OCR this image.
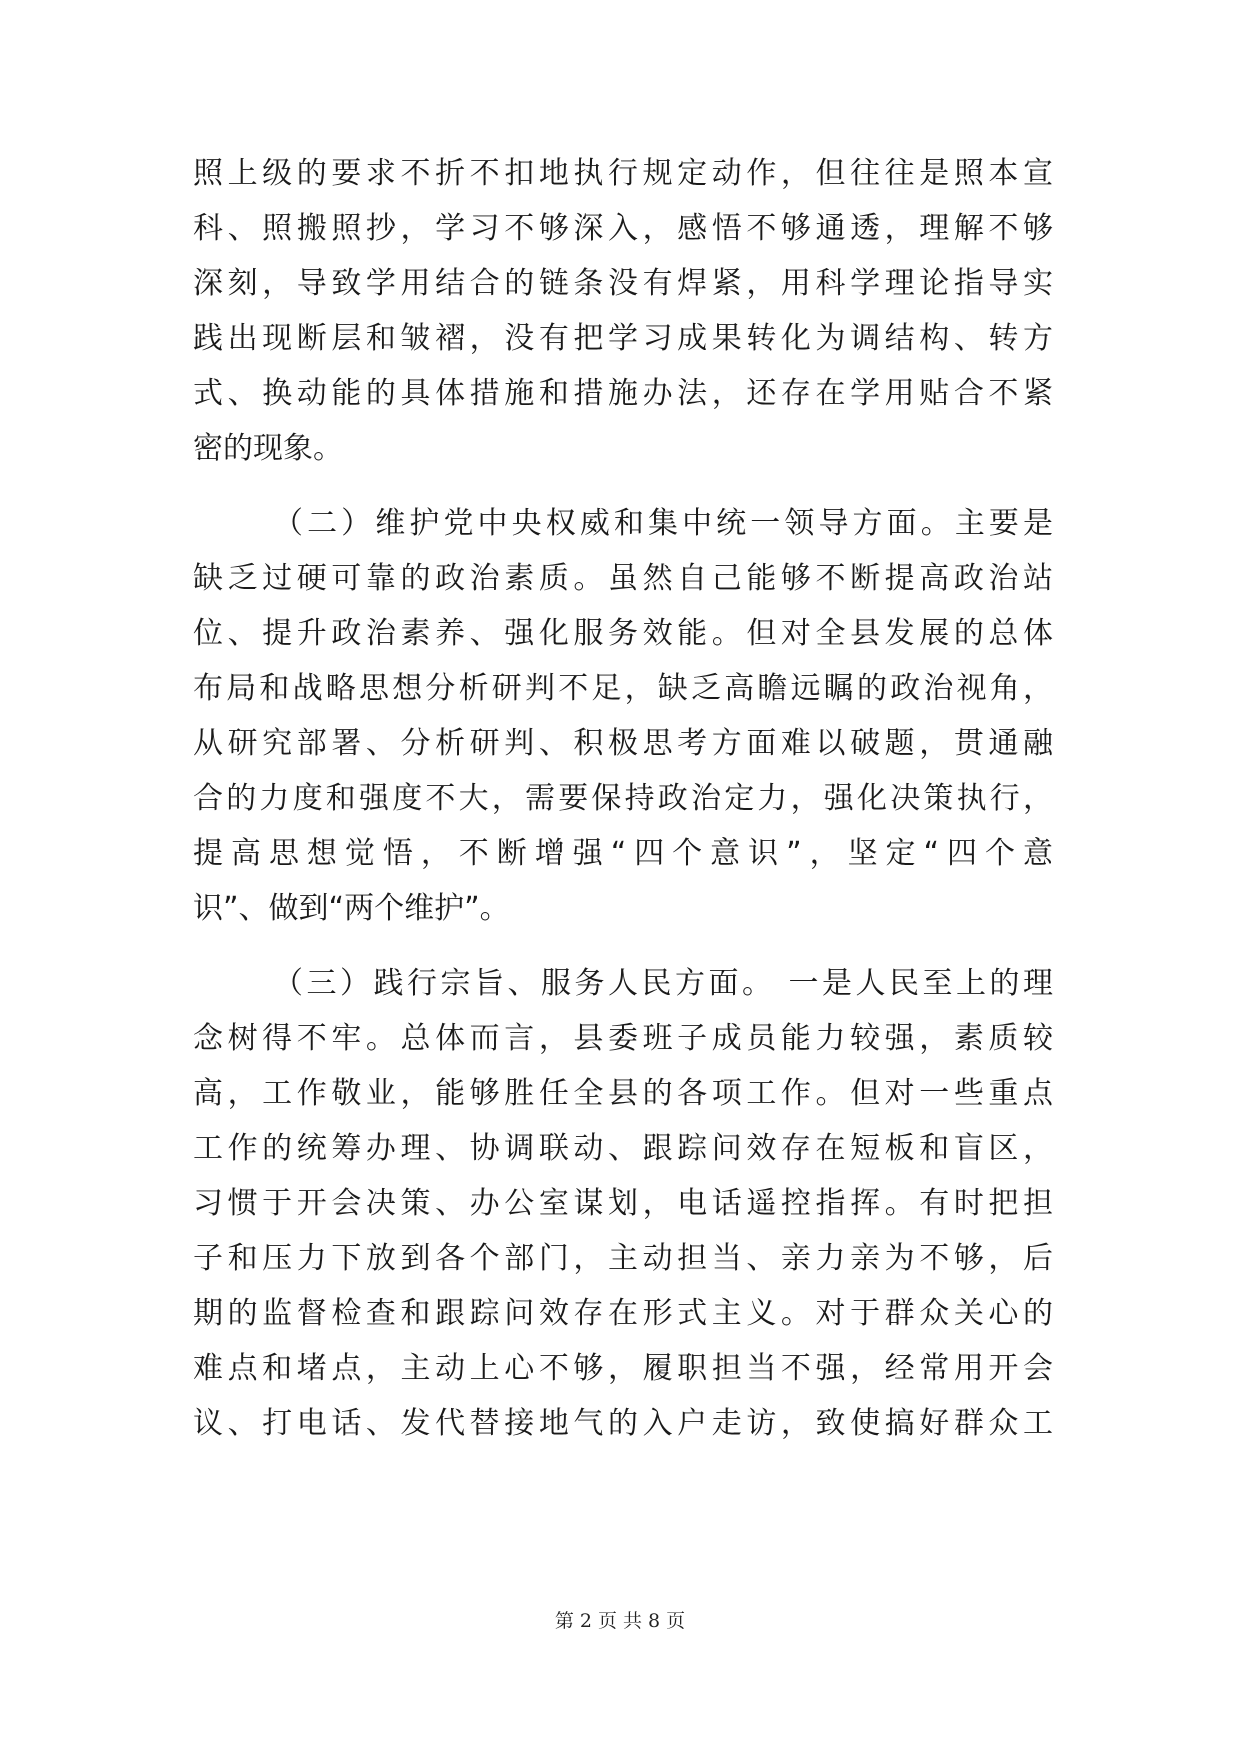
照上级的要求不折不扣地执行规定动作，但往往是照本宣
科、照搬照抄，学习不够深入，感悟不够通透，理解不够
深刻，导致学用结合的链条没有焊紧，用科学理论指导实
践出现断层和皱褶，没有把学习成果转化为调结构、转方
式、换动能的具体措施和措施办法，还存在学用贴合不紧
密的现象。
（二）维护党中央权威和集中统一领导方面。主要是
缺乏过硬可靠的政治素质。虽然自己能够不断提高政治站
位、提升政治素养、强化服务效能。但对全县发展的总体
布局和战略思想分析研判不足，缺乏高瞻远瞩的政治视角，
从研究部署、分析研判、积极思考方面难以破题，贯通融
合的力度和强度不大，需要保持政治定力，强化决策执行，
提高思想觉悟，不断增强“四个意识”，坚定“四个意
识”、做到“两个维护”。
（三）践行宗旨、服务人民方面。 一是人民至上的理
念树得不牢。总体而言，县委班子成员能力较强，素质较
高，工作敬业，能够胜任全县的各项工作。但对一些重点
工作的统筹办理、协调联动、跟踪问效存在短板和盲区，
习惯于开会决策、办公室谋划，电话遥控指挥。有时把担
子和压力下放到各个部门，主动担当、亲力亲为不够，后
期的监督检查和跟踪问效存在形式主义。对于群众关心的
难点和堵点，主动上心不够，履职担当不强，经常用开会
议、打电话、发代替接地气的入户走访，致使搞好群众工
第 2 页 共 8 页
